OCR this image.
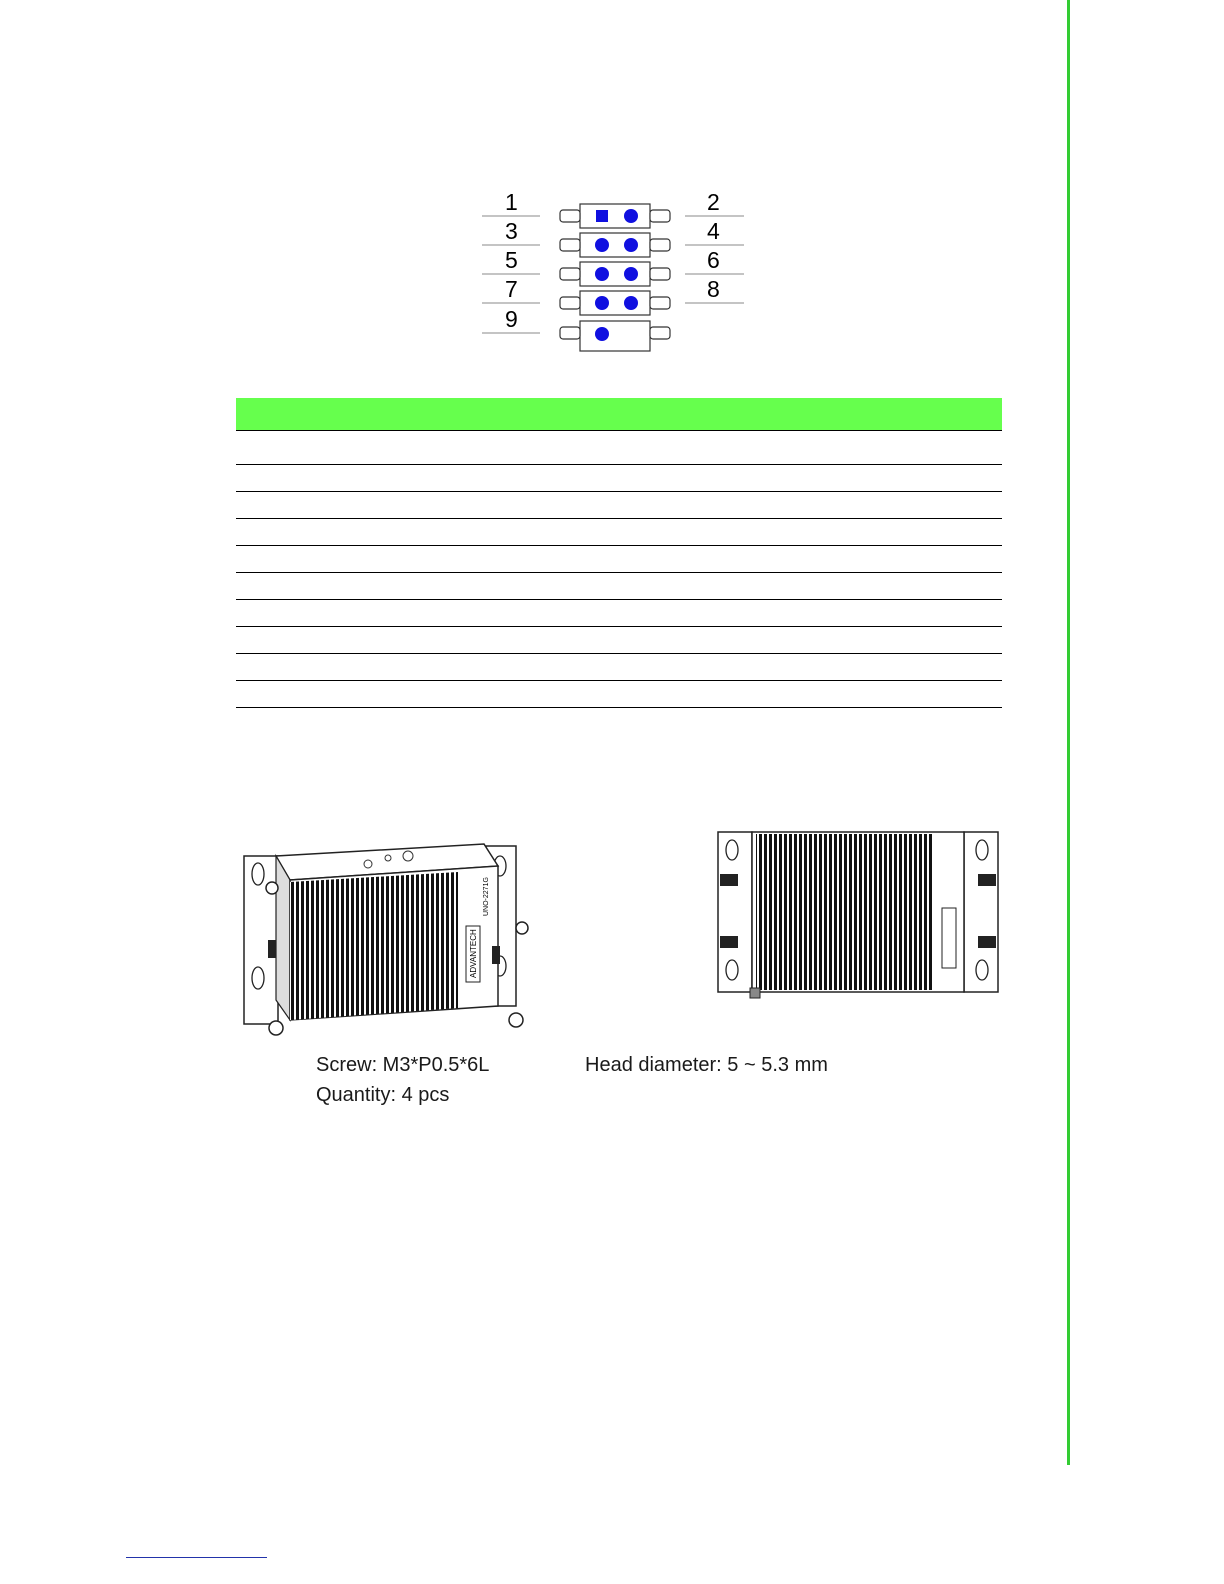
1
3
5
7
9
2
4
6
8

ADVANTECH
UNO-2271G
Screw: M3*P0.5*6L
Quantity: 4 pcs
Head diameter: 5 ~ 5.3 mm
